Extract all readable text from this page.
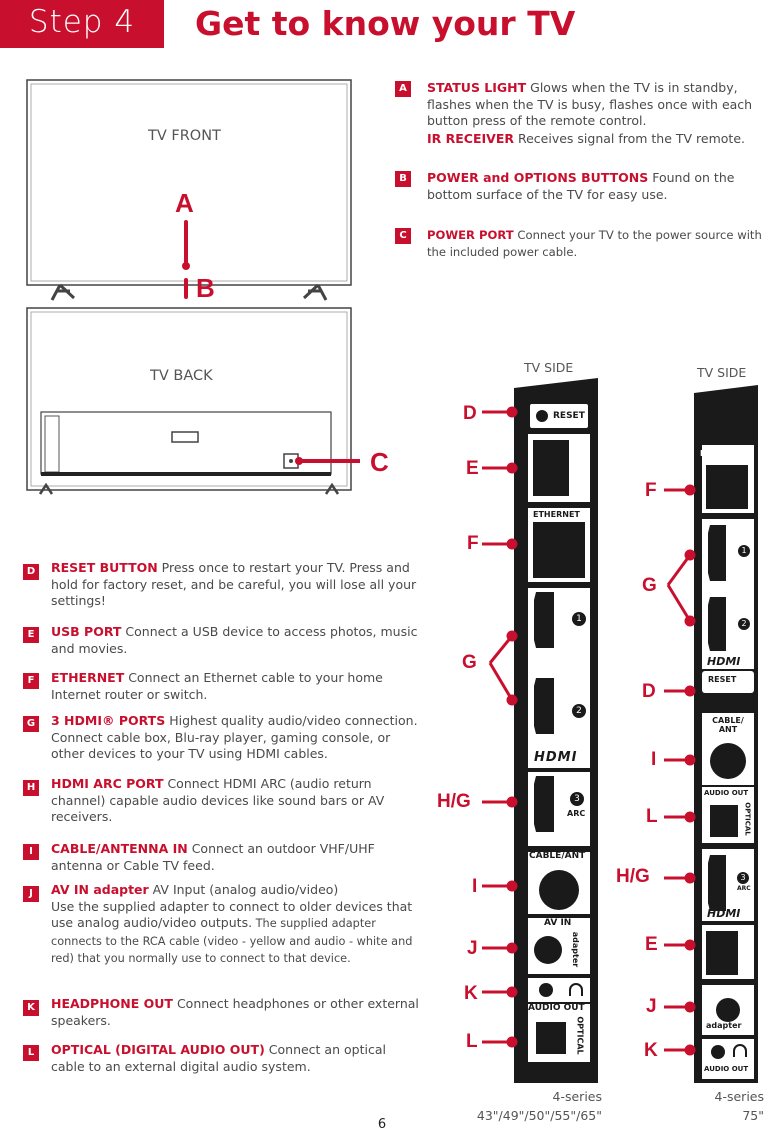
Step 4	Get to know your TV
TV FRONT
A
B
TV BACK
C
A	STATUS LIGHT Glows when the TV is in standby, flashes when the TV is busy, flashes once with each button press of the remote control.
IR RECEIVER Receives signal from the TV remote.
B	POWER and OPTIONS BUTTONS Found on the bottom surface of the TV for easy use.
C	POWER PORT Connect your TV to the power source with the included power cable.
D	RESET BUTTON Press once to restart your TV. Press and hold for factory reset, and be careful, you will lose all your settings!
E	USB PORT Connect a USB device to access photos, music and movies.
F	ETHERNET Connect an Ethernet cable to your home Internet router or switch.
G	3 HDMI® PORTS Highest quality audio/video connection. Connect cable box, Blu-ray player, gaming console, or other devices to your TV using HDMI cables.
H	HDMI ARC PORT Connect HDMI ARC (audio return channel) capable audio devices like sound bars or AV receivers.
I	CABLE/ANTENNA IN Connect an outdoor VHF/UHF antenna or Cable TV feed.
J	AV IN adapter AV Input (analog audio/video)
Use the supplied adapter to connect to older devices that use analog audio/video outputs. The supplied adapter connects to the RCA cable (video - yellow and audio - white and red) that you normally use to connect to that device.
K	HEADPHONE OUT Connect headphones or other external speakers.
L	OPTICAL (DIGITAL AUDIO OUT) Connect an optical cable to an external digital audio system.
TV SIDE
RESET
USB
ETHERNET
1
2
HDMI
3
ARC
CABLE/ANT
AV IN
adapter
AUDIO OUT
OPTICAL
D
E
F
G
H/G
I
J
K
L
4-series
43"/49"/50"/55"/65"
TV SIDE
ETHERNET
1
2
HDMI
RESET
CABLE/
ANT
AUDIO OUT
OPTICAL
3
ARC
HDMI
USB
AV IN
adapter
AUDIO OUT
F
G
D
I
L
H/G
E
J
K
4-series
75"
6
